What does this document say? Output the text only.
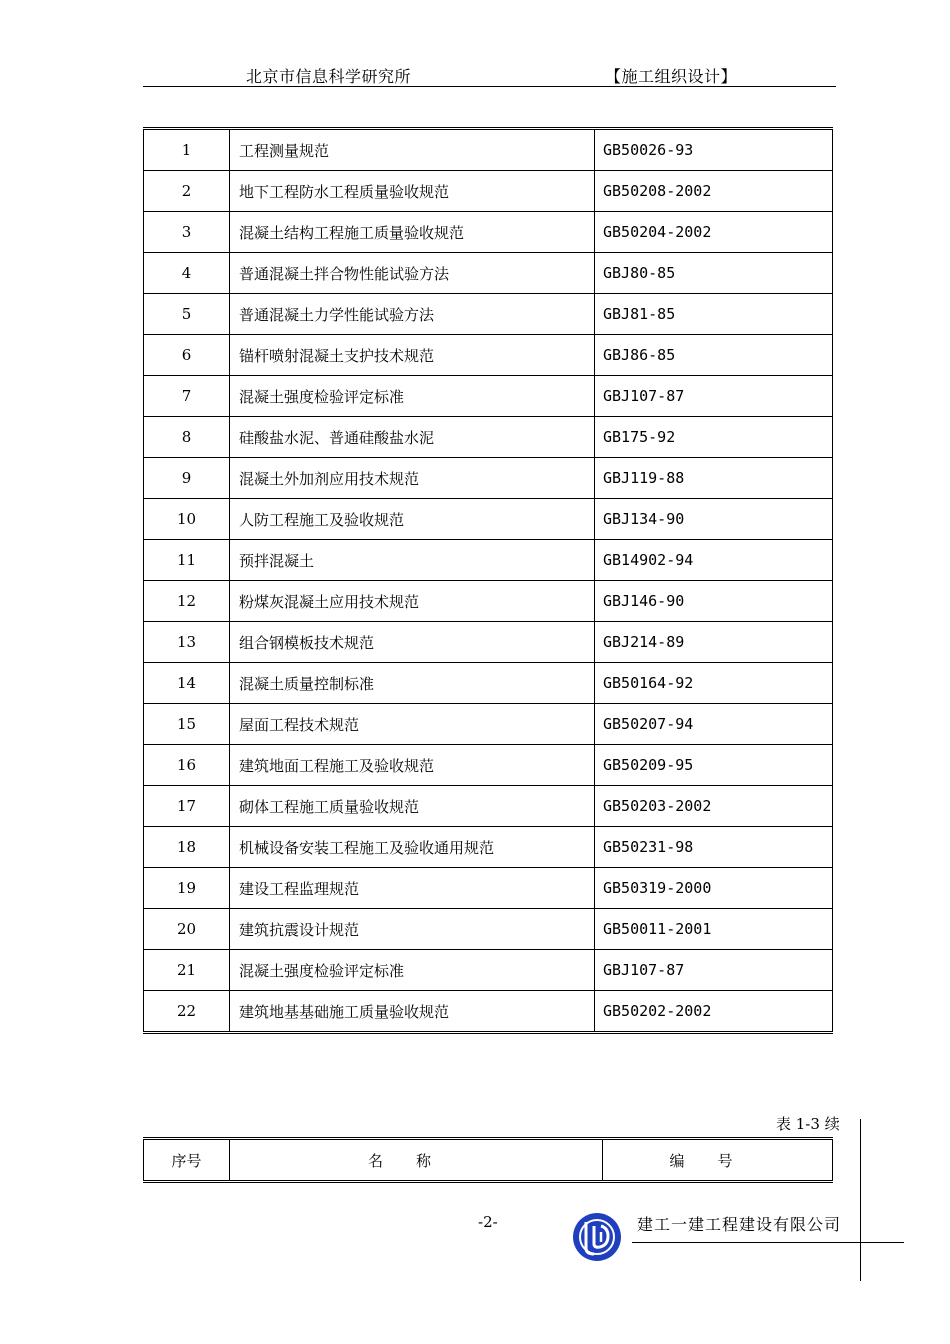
北京市信息科学研究所	【施工组织设计】
1	工程测量规范	GB50026-93
2	地下工程防水工程质量验收规范	GB50208-2002
3	混凝土结构工程施工质量验收规范	GB50204-2002
4	普通混凝土拌合物性能试验方法	GBJ80-85
5	普通混凝土力学性能试验方法	GBJ81-85
6	锚杆喷射混凝土支护技术规范	GBJ86-85
7	混凝土强度检验评定标准	GBJ107-87
8	硅酸盐水泥、普通硅酸盐水泥	GB175-92
9	混凝土外加剂应用技术规范	GBJ119-88
10	人防工程施工及验收规范	GBJ134-90
11	预拌混凝土	GB14902-94
12	粉煤灰混凝土应用技术规范	GBJ146-90
13	组合钢模板技术规范	GBJ214-89
14	混凝土质量控制标准	GB50164-92
15	屋面工程技术规范	GB50207-94
16	建筑地面工程施工及验收规范	GB50209-95
17	砌体工程施工质量验收规范	GB50203-2002
18	机械设备安装工程施工及验收通用规范	GB50231-98
19	建设工程监理规范	GB50319-2000
20	建筑抗震设计规范	GB50011-2001
21	混凝土强度检验评定标准	GBJ107-87
22	建筑地基基础施工质量验收规范	GB50202-2002
表 1-3 续
序号	名称	编号
-2-	建工一建工程建设有限公司
